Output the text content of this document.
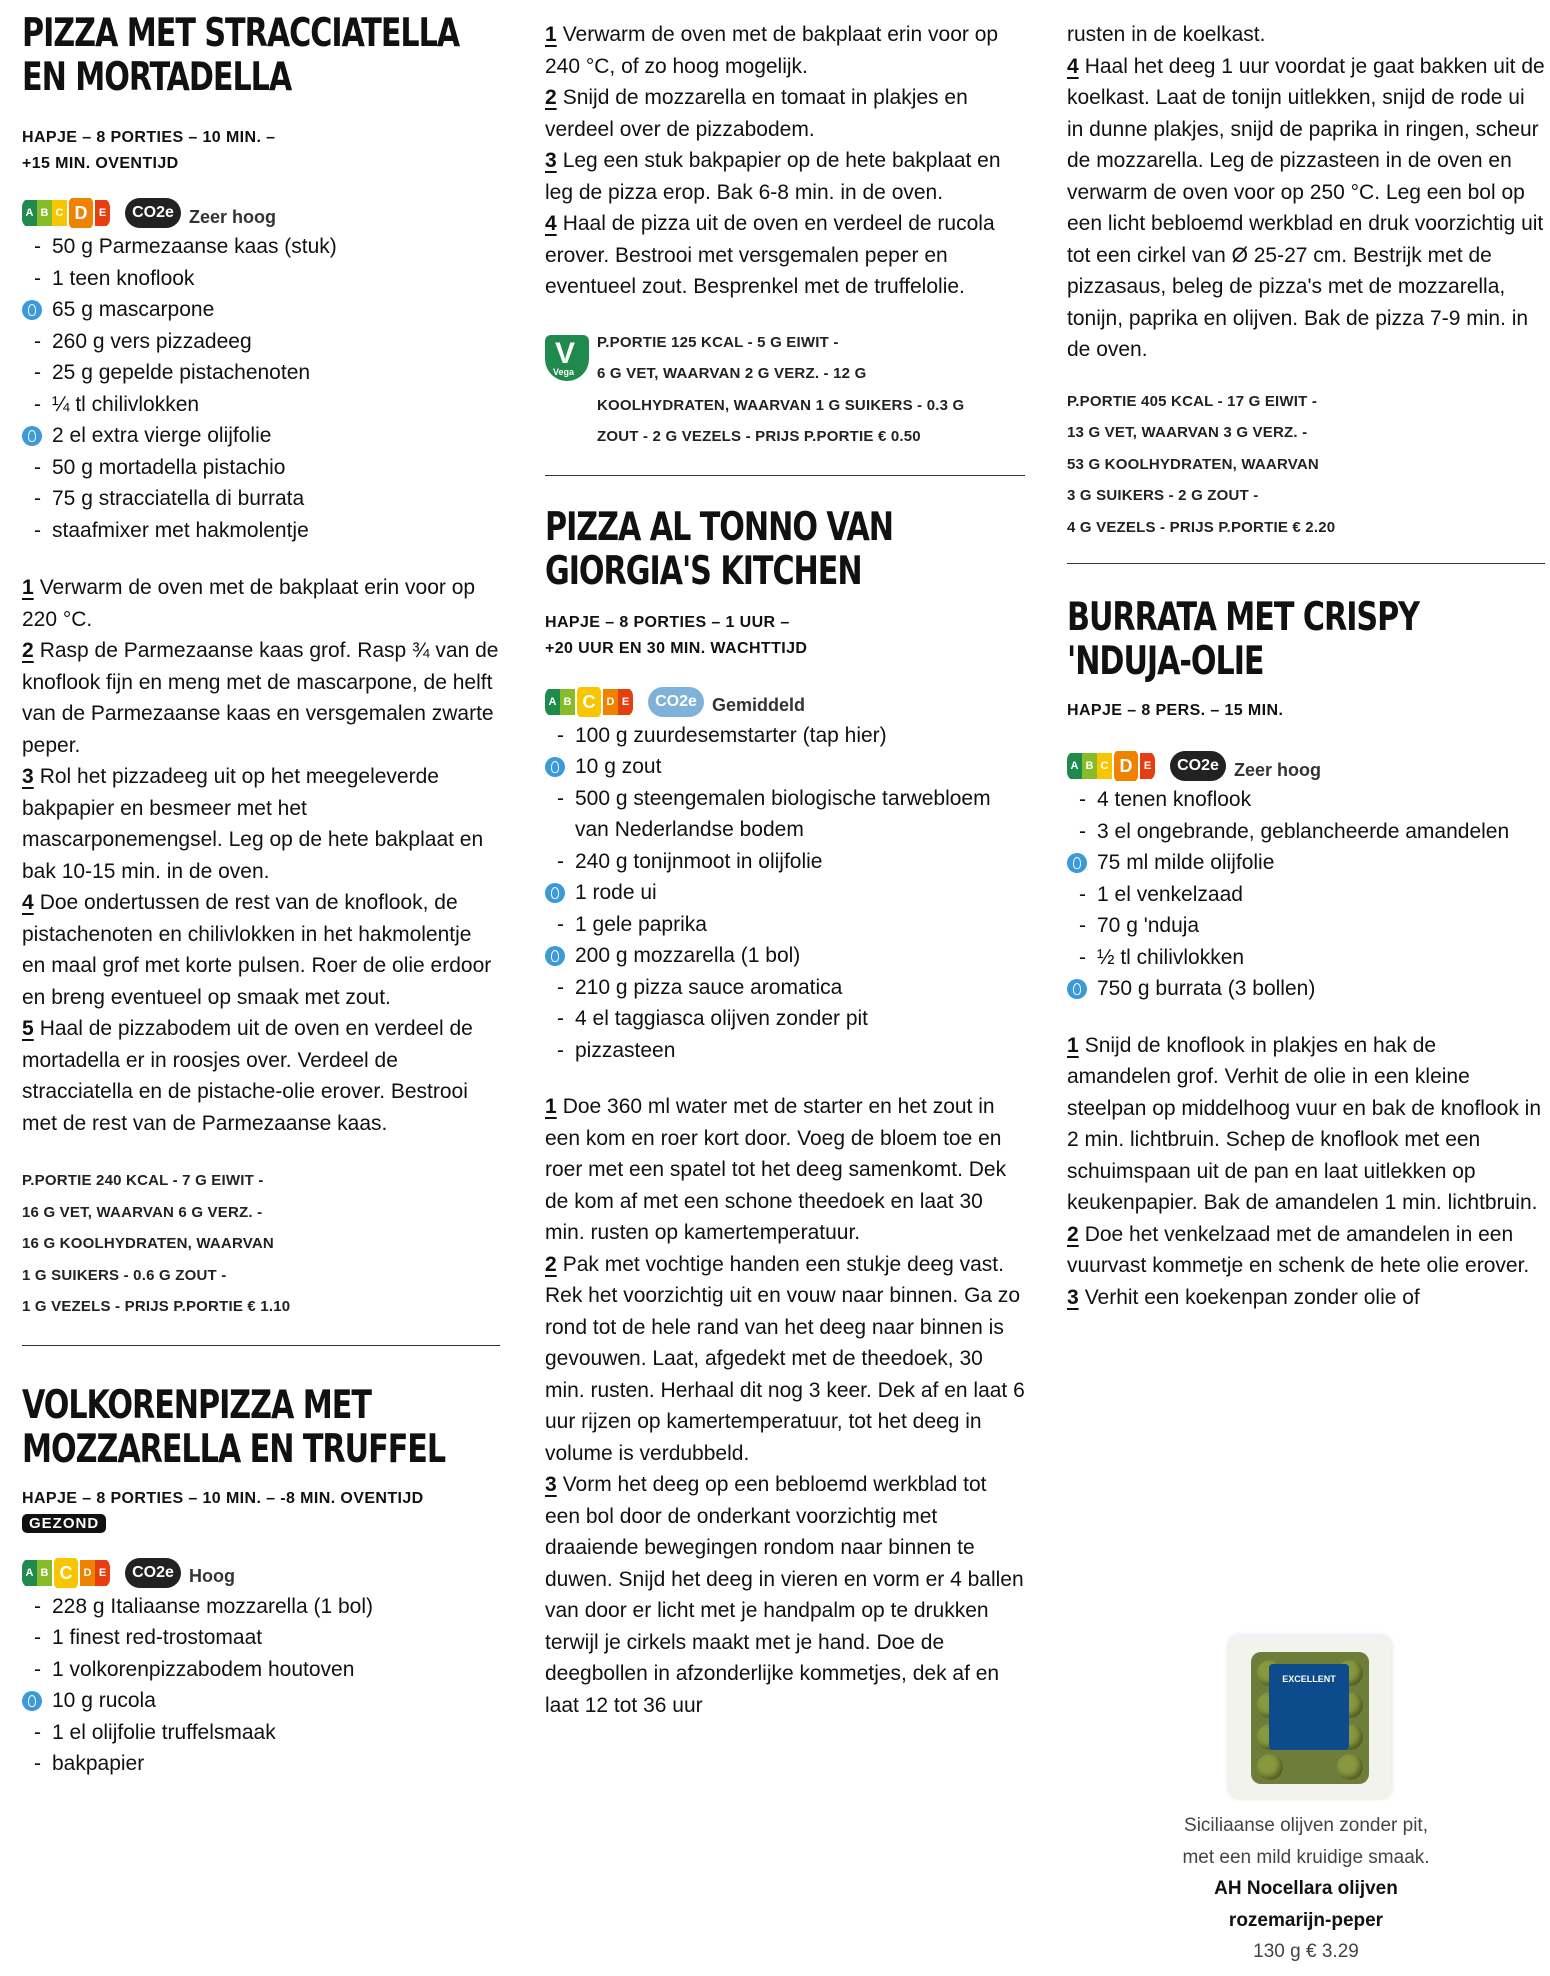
PIZZA MET STRACCIATELLA
EN MORTADELLA

HAPJE – 8 PORTIES – 10 MIN. –
+15 MIN. OVENTIJD

A B C D	E	CO2e Zeer hoog
- 50 g Parmezaanse kaas (stuk)
- 1 teen knoflook
65 g mascarpone
- 260 g vers pizzadeeg
- 25 g gepelde pistachenoten
- ¼ tl chilivlokken
2 el extra vierge olijfolie
- 50 g mortadella pistachio
- 75 g stracciatella di burrata
- staafmixer met hakmolentje

1 Verwarm de oven met de bakplaat erin voor op 220 °C.

2 Rasp de Parmezaanse kaas grof. Rasp ¾ van de knoflook fijn en meng met de mascarpone, de helft van de Parmezaanse kaas en versgemalen zwarte peper.

3 Rol het pizzadeeg uit op het meegeleverde bakpapier en besmeer met het mascarponemengsel. Leg op de hete bakplaat en bak 10-15 min. in de oven.

4 Doe ondertussen de rest van de knoflook, de pistachenoten en chilivlokken in het hakmolentje en maal grof met korte pulsen. Roer de olie erdoor en breng eventueel op smaak met zout.

5 Haal de pizzabodem uit de oven en verdeel de mortadella er in roosjes over. Verdeel de stracciatella en de pistache-olie erover. Bestrooi met de rest van de Parmezaanse kaas.

P.PORTIE 240 KCAL - 7 G EIWIT -
16 G VET, WAARVAN 6 G VERZ. -
16 G KOOLHYDRATEN, WAARVAN
1 G SUIKERS - 0.6 G ZOUT -
1 G VEZELS - PRIJS P.PORTIE € 1.10
VOLKORENPIZZA MET
MOZZARELLA EN TRUFFEL

HAPJE – 8 PORTIES – 10 MIN. – -8 MIN. OVENTIJD

GEZOND
A B C	D E	CO2e Hoog
- 228 g Italiaanse mozzarella (1 bol)
- 1 finest red-trostomaat
- 1 volkorenpizzabodem houtoven
10 g rucola
- 1 el olijfolie truffelsmaak
- bakpapier

1 Verwarm de oven met de bakplaat erin voor op 240 °C, of zo hoog mogelijk.

2 Snijd de mozzarella en tomaat in plakjes en verdeel over de pizzabodem.

3 Leg een stuk bakpapier op de hete bakplaat en leg de pizza erop. Bak 6-8 min. in de oven.

4 Haal de pizza uit de oven en verdeel de rucola erover. Bestrooi met versgemalen peper en eventueel zout. Besprenkel met de truffelolie.

V Vega
P.PORTIE 125 KCAL - 5 G EIWIT -
6 G VET, WAARVAN 2 G VERZ. - 12 G
KOOLHYDRATEN, WAARVAN 1 G SUIKERS - 0.3 G
ZOUT - 2 G VEZELS - PRIJS P.PORTIE € 0.50
PIZZA AL TONNO VAN
GIORGIA'S KITCHEN

HAPJE – 8 PORTIES – 1 UUR –
+20 UUR EN 30 MIN. WACHTTIJD

A B C	D E	CO2e Gemiddeld
- 100 g zuurdesemstarter (tap hier)
10 g zout
- 500 g steengemalen biologische tarwebloem van Nederlandse bodem
- 240 g tonijnmoot in olijfolie
1 rode ui
- 1 gele paprika
200 g mozzarella (1 bol)
- 210 g pizza sauce aromatica
- 4 el taggiasca olijven zonder pit
- pizzasteen

1 Doe 360 ml water met de starter en het zout in een kom en roer kort door. Voeg de bloem toe en roer met een spatel tot het deeg samenkomt. Dek de kom af met een schone theedoek en laat 30 min. rusten op kamertemperatuur.

2 Pak met vochtige handen een stukje deeg vast. Rek het voorzichtig uit en vouw naar binnen. Ga zo rond tot de hele rand van het deeg naar binnen is gevouwen. Laat, afgedekt met de theedoek, 30 min. rusten. Herhaal dit nog 3 keer. Dek af en laat 6 uur rijzen op kamertemperatuur, tot het deeg in volume is verdubbeld.

3 Vorm het deeg op een bebloemd werkblad tot een bol door de onderkant voorzichtig met draaiende bewegingen rondom naar binnen te duwen. Snijd het deeg in vieren en vorm er 4 ballen van door er licht met je handpalm op te drukken terwijl je cirkels maakt met je hand. Doe de deegbollen in afzonderlijke kommetjes, dek af en laat 12 tot 36 uur

rusten in de koelkast.

4 Haal het deeg 1 uur voordat je gaat bakken uit de koelkast. Laat de tonijn uitlekken, snijd de rode ui in dunne plakjes, snijd de paprika in ringen, scheur de mozzarella. Leg de pizzasteen in de oven en verwarm de oven voor op 250 °C. Leg een bol op een licht bebloemd werkblad en druk voorzichtig uit tot een cirkel van Ø 25-27 cm. Bestrijk met de pizzasaus, beleg de pizza's met de mozzarella, tonijn, paprika en olijven. Bak de pizza 7-9 min. in de oven.

P.PORTIE 405 KCAL - 17 G EIWIT -
13 G VET, WAARVAN 3 G VERZ. -
53 G KOOLHYDRATEN, WAARVAN
3 G SUIKERS - 2 G ZOUT -
4 G VEZELS - PRIJS P.PORTIE € 2.20
BURRATA MET CRISPY
'NDUJA-OLIE

HAPJE – 8 PERS. – 15 MIN.

A B C D	E	CO2e Zeer hoog
- 4 tenen knoflook
- 3 el ongebrande, geblancheerde amandelen
75 ml milde olijfolie
- 1 el venkelzaad
- 70 g 'nduja
- ½ tl chilivlokken
750 g burrata (3 bollen)

1 Snijd de knoflook in plakjes en hak de amandelen grof. Verhit de olie in een kleine steelpan op middelhoog vuur en bak de knoflook in 2 min. lichtbruin. Schep de knoflook met een schuimspaan uit de pan en laat uitlekken op keukenpapier. Bak de amandelen 1 min. lichtbruin.

2 Doe het venkelzaad met de amandelen in een vuurvast kommetje en schenk de hete olie erover.

3 Verhit een koekenpan zonder olie of

EXCELLENT
Siciliaanse olijven zonder pit,
met een mild kruidige smaak.
AH Nocellara olijven
rozemarijn-peper
130 g € 3.29
